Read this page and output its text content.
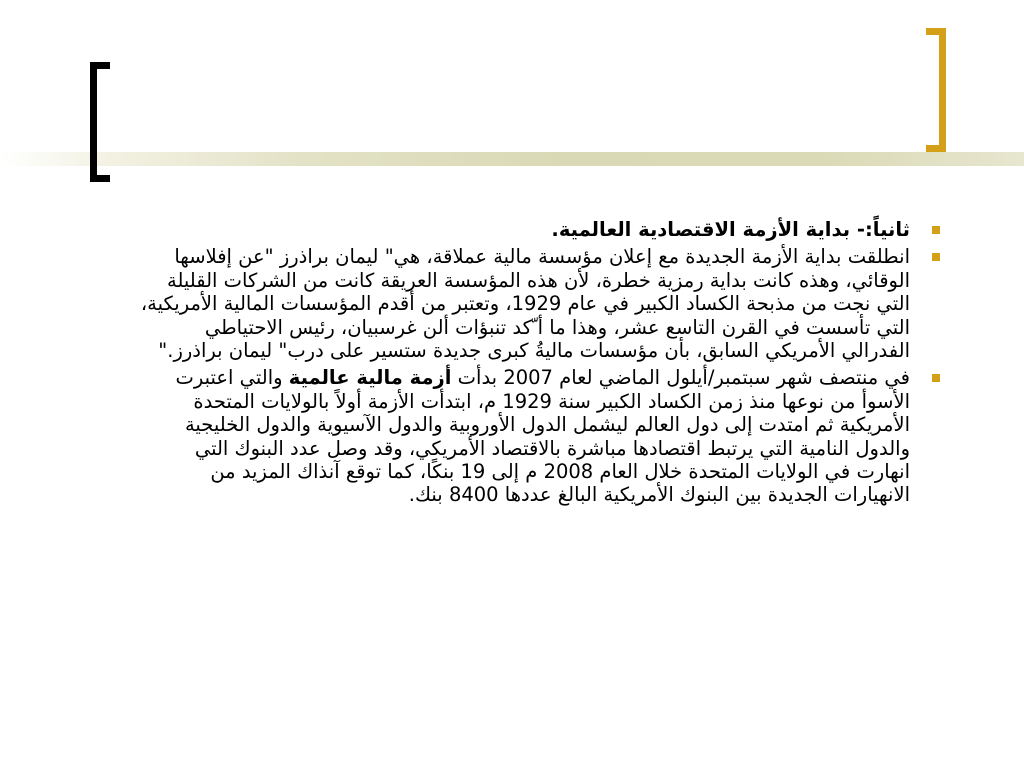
ثانياً:- بداية الأزمة الاقتصادية العالمية.
انطلقت بداية الأزمة الجديدة مع إعلان مؤسسة مالية عملاقة، هي" ليمان براذرز "عن إفلاسها الوقائي، وهذه كانت بداية رمزية خطرة، لأن هذه المؤسسة العريقة كانت من الشركات القليلة التي نجت من مذبحة الكساد الكبير في عام 1929، وتعتبر من أقدم المؤسسات المالية الأمريكية، التي تأسست في القرن التاسع عشر، وهذا ما أ ّكد تنبؤات ألن غرسبيان، رئيس الاحتياطي الفدرالي الأمريكي السابق، بأن مؤسسات ماليةُ كبرى جديدة ستسير على درب" ليمان براذرز."
في منتصف شهر سبتمبر/أيلول الماضي لعام 2007 بدأت أزمة مالية عالمية والتي اعتبرت الأسوأ من نوعها منذ زمن الكساد الكبير سنة 1929 م، ابتدأت الأزمة أولاً بالولايات المتحدة الأمريكية ثم امتدت إلى دول العالم ليشمل الدول الأوروبية والدول الآسيوية والدول الخليجية والدول النامية التي يرتبط اقتصادها مباشرة بالاقتصاد الأمريكي، وقد وصل عدد البنوك التي انهارت في الولايات المتحدة خلال العام 2008 م إلى 19 بنكًا، كما توقع آنذاك المزيد من الانهيارات الجديدة بين البنوك الأمريكية البالغ عددها 8400 بنك.
